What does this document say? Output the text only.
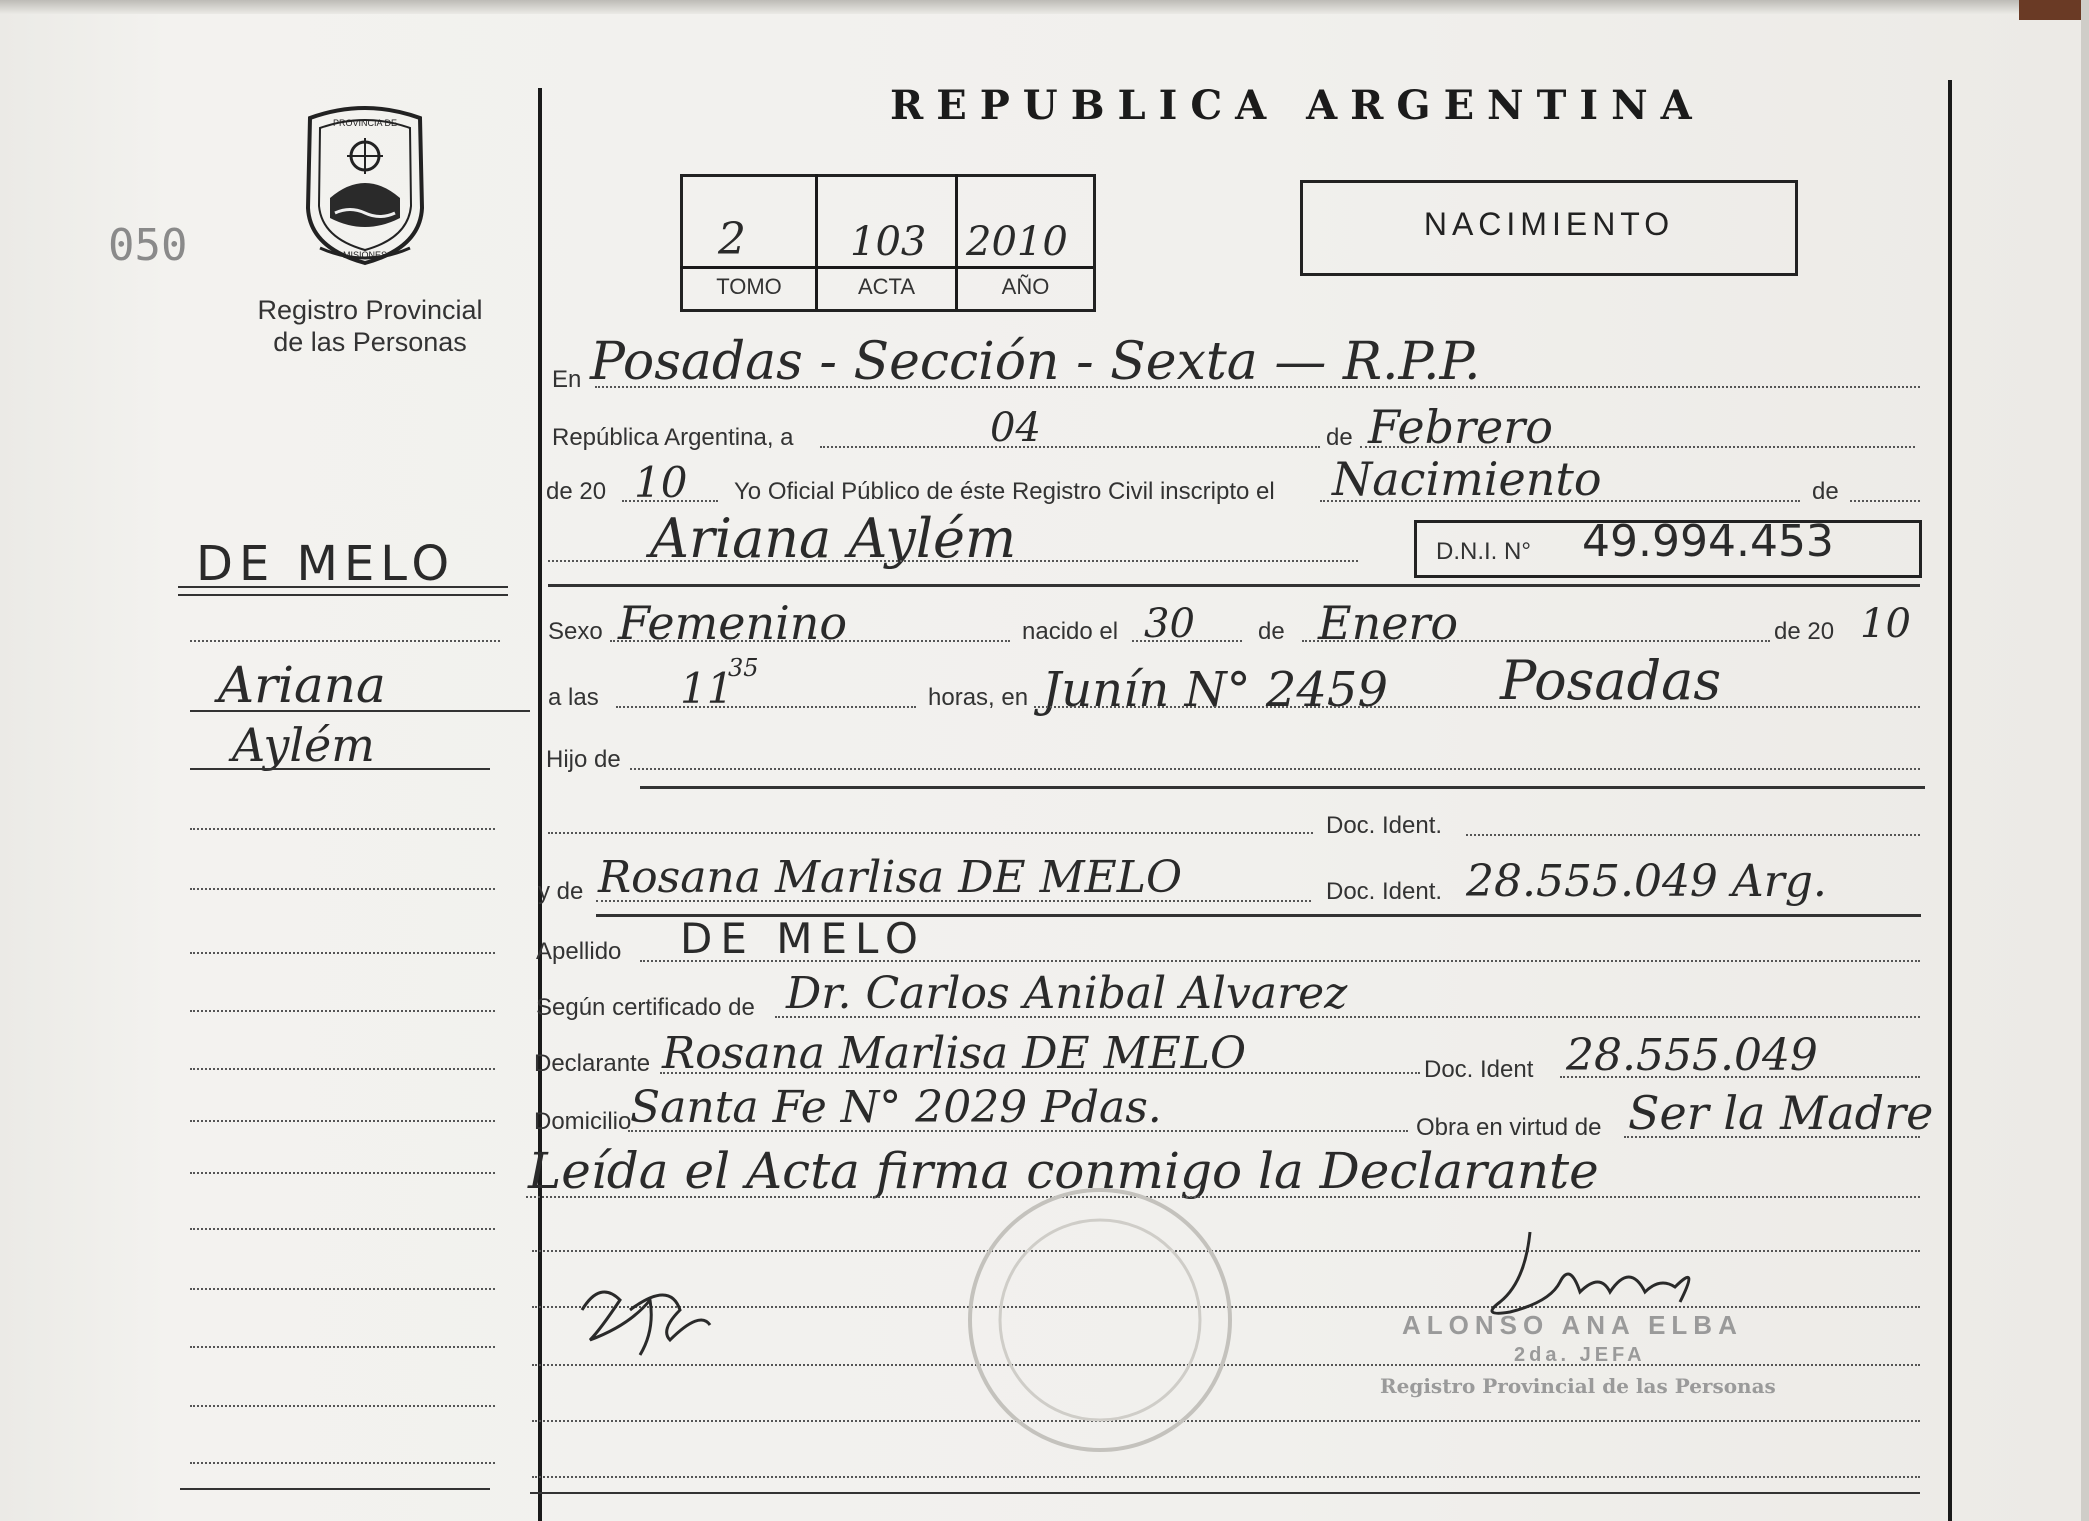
050
PROVINCIA DE
MISIONES
Registro Provincial
de las Personas
REPUBLICA ARGENTINA
2	103 2010
TOMO	ACTA	AÑO
NACIMIENTO
DE MELO
Ariana
Aylém
En Posadas - Sección - Sexta — R.P.P.
República Argentina, a	04	de Febrero
de 20 10 Yo Oficial Público de éste Registro Civil inscripto el Nacimiento	de
Ariana Aylém	D.N.I. N° 49.994.453
Sexo Femenino	nacido el 30	de Enero	de 20 10
a las 11
35
horas, en Junín N° 2459 Posadas
Hijo de
Doc. Ident.
y de Rosana Marlisa DE MELO	Doc. Ident. 28.555.049 Arg.
Apellido DE MELO
Según certificado de Dr. Carlos Anibal Alvarez
Declarante Rosana Marlisa DE MELO	Doc. Ident 28.555.049
Domicilio
Santa Fe N° 2029 Pdas.	Obra en virtud de Ser la Madre
Leída el Acta firma conmigo la Declarante
ALONSO ANA ELBA
2da. JEFA
Registro Provincial de las Personas
